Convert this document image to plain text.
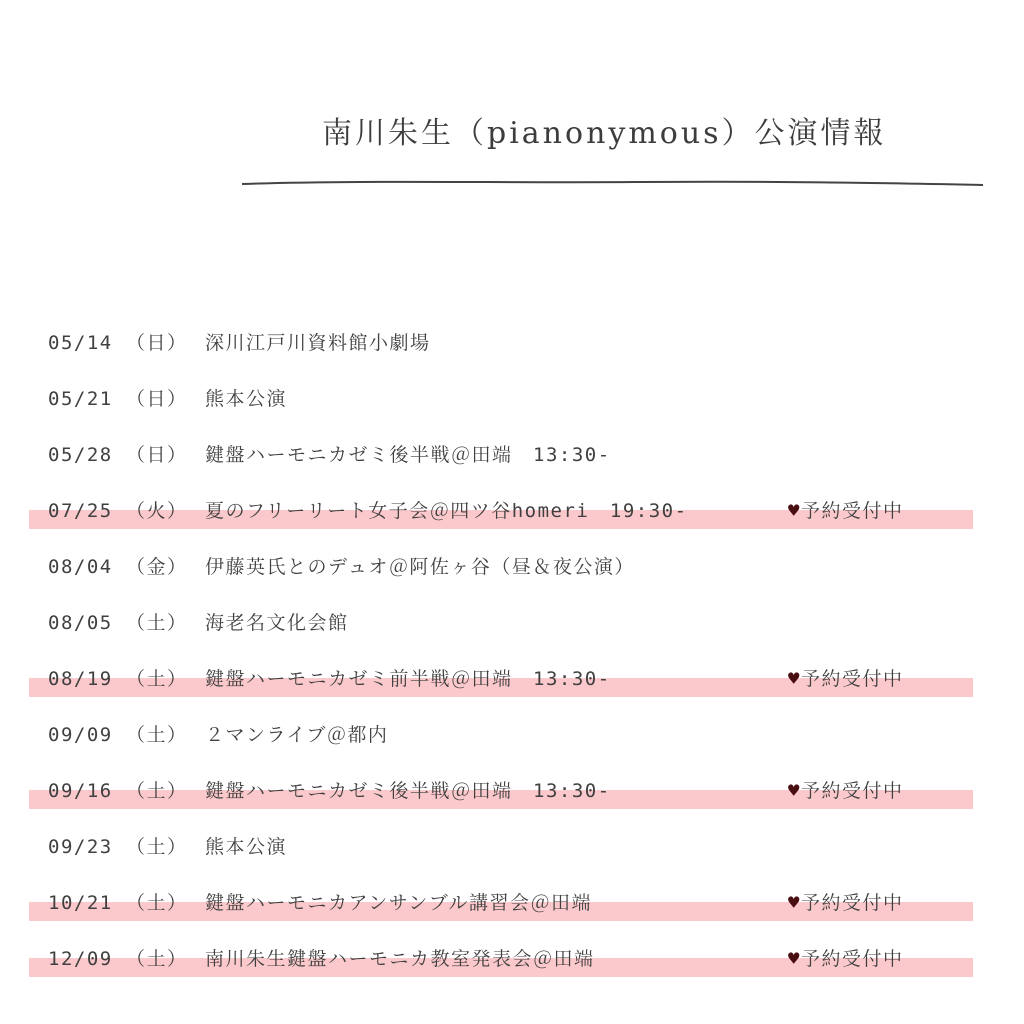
南川朱生（pianonymous）公演情報
05/14 （日） 深川江戸川資料館小劇場
05/21 （日） 熊本公演
05/28 （日） 鍵盤ハーモニカゼミ後半戦＠田端　13:30-
07/25 （火） 夏のフリーリート女子会＠四ツ谷homeri　19:30-	♥予約受付中
08/04 （金） 伊藤英氏とのデュオ＠阿佐ヶ谷（昼＆夜公演）
08/05 （土） 海老名文化会館
08/19 （土） 鍵盤ハーモニカゼミ前半戦＠田端　13:30-	♥予約受付中
09/09 （土） ２マンライブ＠都内
09/16 （土） 鍵盤ハーモニカゼミ後半戦＠田端　13:30-	♥予約受付中
09/23 （土） 熊本公演
10/21 （土） 鍵盤ハーモニカアンサンブル講習会＠田端	♥予約受付中
12/09 （土） 南川朱生鍵盤ハーモニカ教室発表会＠田端	♥予約受付中
